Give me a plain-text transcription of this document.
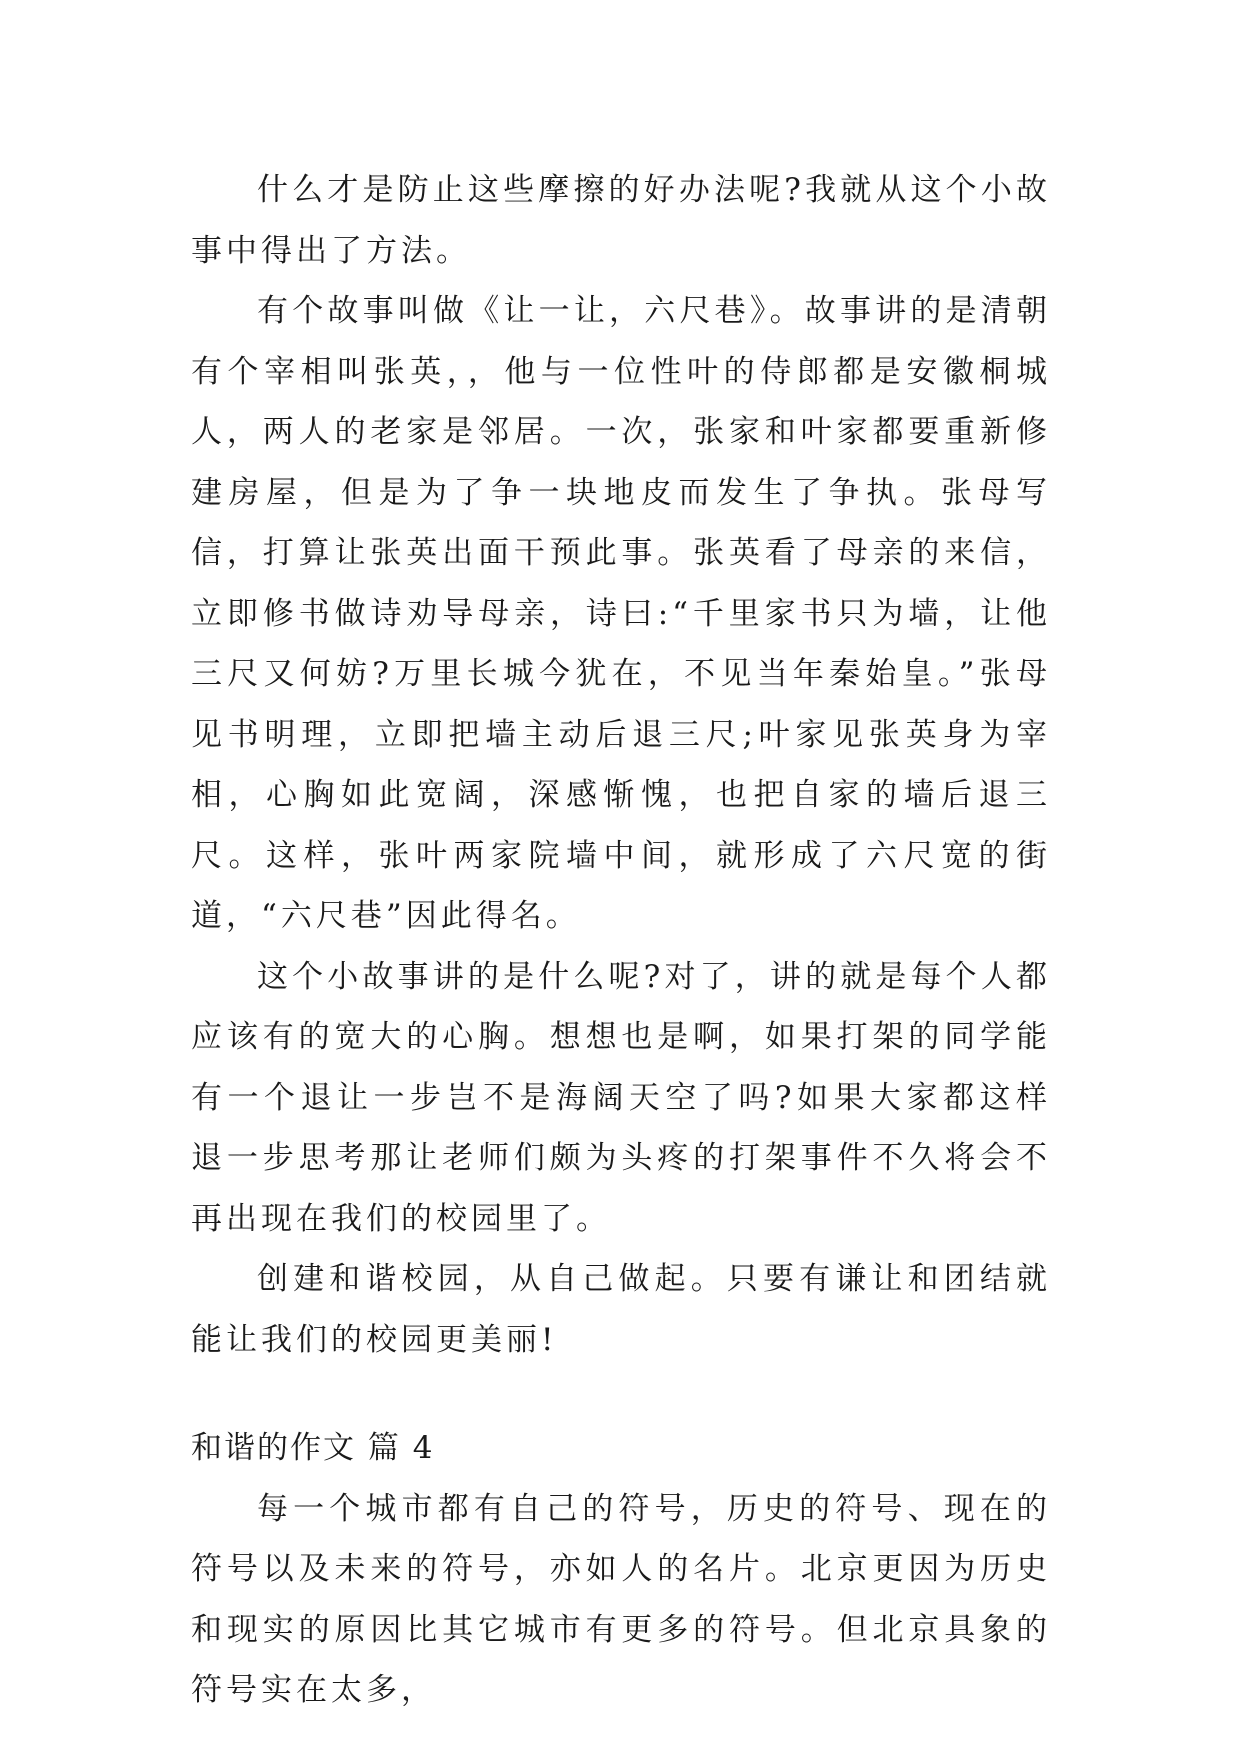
什么才是防止这些摩擦的好办法呢?我就从这个小故事中得出了方法。

有个故事叫做《让一让，六尺巷》。故事讲的是清朝有个宰相叫张英，，他与一位性叶的侍郎都是安徽桐城人，两人的老家是邻居。一次，张家和叶家都要重新修建房屋，但是为了争一块地皮而发生了争执。张母写信，打算让张英出面干预此事。张英看了母亲的来信，立即修书做诗劝导母亲，诗曰:“千里家书只为墙，让他三尺又何妨?万里长城今犹在，不见当年秦始皇。”张母见书明理，立即把墙主动后退三尺;叶家见张英身为宰相，心胸如此宽阔，深感惭愧，也把自家的墙后退三尺。这样，张叶两家院墙中间，就形成了六尺宽的街道，“六尺巷”因此得名。

这个小故事讲的是什么呢?对了，讲的就是每个人都应该有的宽大的心胸。想想也是啊，如果打架的同学能有一个退让一步岂不是海阔天空了吗?如果大家都这样退一步思考那让老师们颇为头疼的打架事件不久将会不再出现在我们的校园里了。

创建和谐校园，从自己做起。只要有谦让和团结就能让我们的校园更美丽!

和谐的作文 篇 4

每一个城市都有自己的符号，历史的符号、现在的符号以及未来的符号，亦如人的名片。北京更因为历史和现实的原因比其它城市有更多的符号。但北京具象的符号实在太多，
